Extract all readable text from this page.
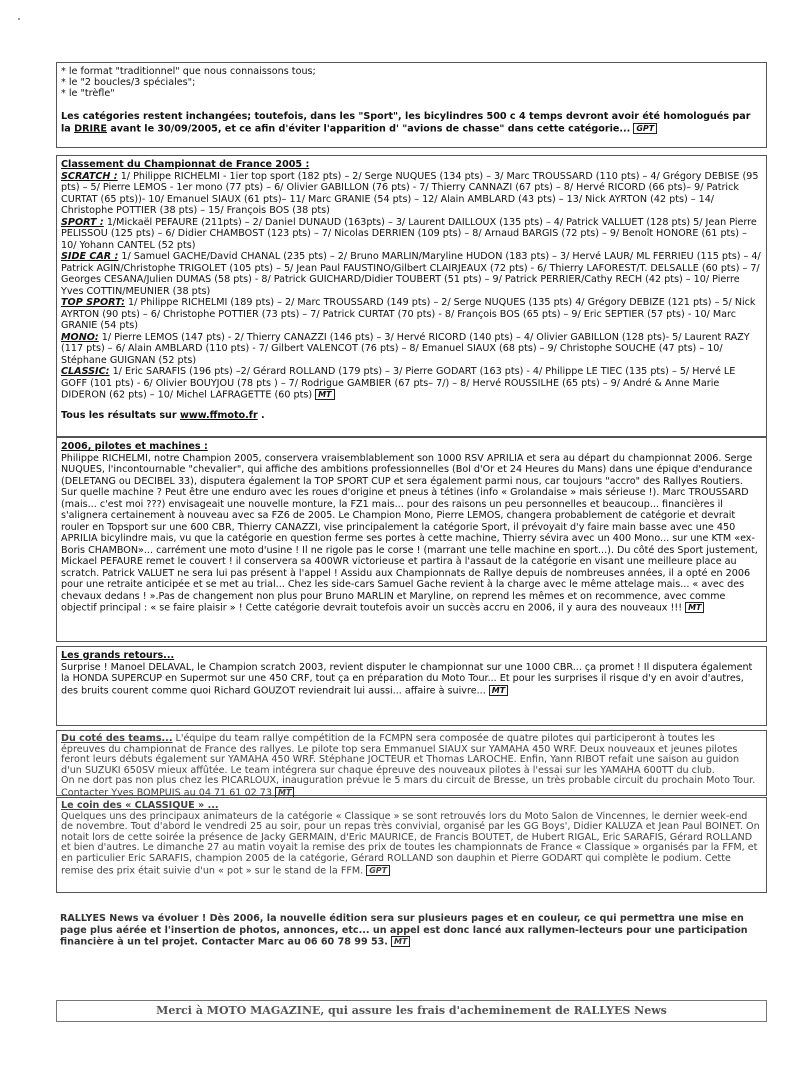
* le format "traditionnel" que nous connaissons tous;
* le "2 boucles/3 spéciales";
* le "trèfle"

Les catégories restent inchangées; toutefois, dans les "Sport", les bicylindres 500 c 4 temps devront avoir été homologués par la DRIRE avant le 30/09/2005, et ce afin d'éviter l'apparition d' "avions de chasse" dans cette catégorie... GPT

Classement du Championnat de France 2005 :

SCRATCH : 1/ Philippe RICHELMI - 1ier top sport (182 pts) – 2/ Serge NUQUES (134 pts) – 3/ Marc TROUSSARD (110 pts) – 4/ Grégory DEBISE (95 pts) – 5/ Pierre LEMOS - 1er mono (77 pts) – 6/ Olivier GABILLON (76 pts) - 7/ Thierry CANNAZI (67 pts) – 8/ Hervé RICORD (66 pts)– 9/ Patrick CURTAT (65 pts))- 10/ Emanuel SIAUX (61 pts)– 11/ Marc GRANIE (54 pts) – 12/ Alain AMBLARD (43 pts) – 13/ Nick AYRTON (42 pts) – 14/ Christophe POTTIER (38 pts) – 15/ François BOS (38 pts)

SPORT : 1/Mickaël PEFAURE (211pts) – 2/ Daniel DUNAUD (163pts) – 3/ Laurent DAILLOUX (135 pts) – 4/ Patrick VALLUET (128 pts) 5/ Jean Pierre PELISSOU (125 pts) – 6/ Didier CHAMBOST (123 pts) – 7/ Nicolas DERRIEN (109 pts) – 8/ Arnaud BARGIS (72 pts) – 9/ Benoît HONORE (61 pts) –10/ Yohann CANTEL (52 pts)

SIDE CAR : 1/ Samuel GACHE/David CHANAL (235 pts) – 2/ Bruno MARLIN/Maryline HUDON (183 pts) – 3/ Hervé LAUR/ ML FERRIEU (115 pts) – 4/ Patrick AGIN/Christophe TRIGOLET (105 pts) – 5/ Jean Paul FAUSTINO/Gilbert CLAIRJEAUX (72 pts) - 6/ Thierry LAFOREST/T. DELSALLE (60 pts) – 7/ Georges CESANA/Julien DUMAS (58 pts) - 8/ Patrick GUICHARD/Didier TOUBERT (51 pts) – 9/ Patrick PERRIER/Cathy RECH (42 pts) – 10/ Pierre Yves COTTIN/MEUNIER (38 pts)

TOP SPORT: 1/ Philippe RICHELMI (189 pts) – 2/ Marc TROUSSARD (149 pts) – 2/ Serge NUQUES (135 pts) 4/ Grégory DEBIZE (121 pts) – 5/ Nick AYRTON (90 pts) – 6/ Christophe POTTIER (73 pts) – 7/ Patrick CURTAT (70 pts) - 8/ François BOS (65 pts) – 9/ Eric SEPTIER (57 pts) - 10/ Marc GRANIE (54 pts)

MONO: 1/ Pierre LEMOS (147 pts) - 2/ Thierry CANAZZI (146 pts) – 3/ Hervé RICORD (140 pts) – 4/ Olivier GABILLON (128 pts)- 5/ Laurent RAZY (117 pts) – 6/ Alain AMBLARD (110 pts) - 7/ Gilbert VALENCOT (76 pts) – 8/ Emanuel SIAUX (68 pts) – 9/ Christophe SOUCHE (47 pts) – 10/ Stéphane GUIGNAN (52 pts)

CLASSIC: 1/ Eric SARAFIS (196 pts) –2/ Gérard ROLLAND (179 pts) – 3/ Pierre GODART (163 pts) - 4/ Philippe LE TIEC (135 pts) – 5/ Hervé LE GOFF (101 pts) - 6/ Olivier BOUYJOU (78 pts ) – 7/ Rodrigue GAMBIER (67 pts– 7/) – 8/ Hervé ROUSSILHE (65 pts) – 9/ André & Anne Marie DIDERON (62 pts) – 10/ Michel LAFRAGETTE (60 pts) MT

Tous les résultats sur www.ffmoto.fr .

2006, pilotes et machines :

Philippe RICHELMI, notre Champion 2005, conservera vraisemblablement son 1000 RSV APRILIA et sera au départ du championnat 2006. Serge NUQUES, l'incontournable "chevalier", qui affiche des ambitions professionnelles (Bol d'Or et 24 Heures du Mans) dans une épique d'endurance (DELETANG ou DECIBEL 33), disputera également la TOP SPORT CUP et sera également parmi nous, car toujours "accro" des Rallyes Routiers. Sur quelle machine ? Peut être une enduro avec les roues d'origine et pneus à tétines (info « Grolandaise » mais sérieuse !). Marc TROUSSARD (mais... c'est moi ???) envisageait une nouvelle monture, la FZ1 mais... pour des raisons un peu personnelles et beaucoup... financières il s'alignera certainement à nouveau avec sa FZ6 de 2005. Le Champion Mono, Pierre LEMOS, changera probablement de catégorie et devrait rouler en Topsport sur une 600 CBR, Thierry CANAZZI, vise principalement la catégorie Sport, il prévoyait d'y faire main basse avec une 450 APRILIA bicylindre mais, vu que la catégorie en question ferme ses portes à cette machine, Thierry sévira avec un 400 Mono... sur une KTM «ex-Boris CHAMBON»... carrément une moto d'usine ! Il ne rigole pas le corse ! (marrant une telle machine en sport...). Du côté des Sport justement, Mickael PEFAURE remet le couvert ! il conservera sa 400WR victorieuse et partira à l'assaut de la catégorie en visant une meilleure place au scratch. Patrick VALUET ne sera lui pas présent à l'appel ! Assidu aux Championnats de Rallye depuis de nombreuses années, il a opté en 2006 pour une retraite anticipée et se met au trial... Chez les side-cars Samuel Gache revient à la charge avec le même attelage mais... « avec des chevaux dedans ! ».Pas de changement non plus pour Bruno MARLIN et Maryline, on reprend les mêmes et on recommence, avec comme objectif principal : « se faire plaisir » ! Cette catégorie devrait toutefois avoir un succès accru en 2006, il y aura des nouveaux !!! MT

Les grands retours...

Surprise ! Manoel DELAVAL, le Champion scratch 2003, revient disputer le championnat sur une 1000 CBR... ça promet ! Il disputera également la HONDA SUPERCUP en Supermot sur une 450 CRF, tout ça en préparation du Moto Tour... Et pour les surprises il risque d'y en avoir d'autres, des bruits courent comme quoi Richard GOUZOT reviendrait lui aussi... affaire à suivre... MT

Du coté des teams... L'équipe du team rallye compétition de la FCMPN sera composée de quatre pilotes qui participeront à toutes les épreuves du championnat de France des rallyes. Le pilote top sera Emmanuel SIAUX sur YAMAHA 450 WRF. Deux nouveaux et jeunes pilotes feront leurs débuts également sur YAMAHA 450 WRF. Stéphane JOCTEUR et Thomas LAROCHE. Enfin, Yann RIBOT refait une saison au guidon d'un SUZUKI 650SV mieux affûtée. Le team intégrera sur chaque épreuve des nouveaux pilotes à l'essai sur les YAMAHA 600TT du club.

On ne dort pas non plus chez les PICARLOUX, inauguration prévue le 5 mars du circuit de Bresse, un très probable circuit du prochain Moto Tour. Contacter Yves BOMPUIS au 04 71 61 02 73 MT

Le coin des « CLASSIQUE » ...

Quelques uns des principaux animateurs de la catégorie « Classique » se sont retrouvés lors du Moto Salon de Vincennes, le dernier week-end de novembre. Tout d'abord le vendredi 25 au soir, pour un repas très convivial, organisé par les GG Boys', Didier KALUZA et Jean Paul BOINET. On notait lors de cette soirée la présence de Jacky GERMAIN, d'Eric MAURICE, de Francis BOUTET, de Hubert RIGAL, Eric SARAFIS, Gérard ROLLAND et bien d'autres. Le dimanche 27 au matin voyait la remise des prix de toutes les championnats de France « Classique » organisés par la FFM, et en particulier Eric SARAFIS, champion 2005 de la catégorie, Gérard ROLLAND son dauphin et Pierre GODART qui complète le podium. Cette remise des prix était suivie d'un « pot » sur le stand de la FFM. GPT

RALLYES News va évoluer ! Dès 2006, la nouvelle édition sera sur plusieurs pages et en couleur, ce qui permettra une mise en page plus aérée et l'insertion de photos, annonces, etc... un appel est donc lancé aux rallymen-lecteurs pour une participation financière à un tel projet. Contacter Marc au 06 60 78 99 53. MT

Merci à MOTO MAGAZINE, qui assure les frais d'acheminement de RALLYES News
